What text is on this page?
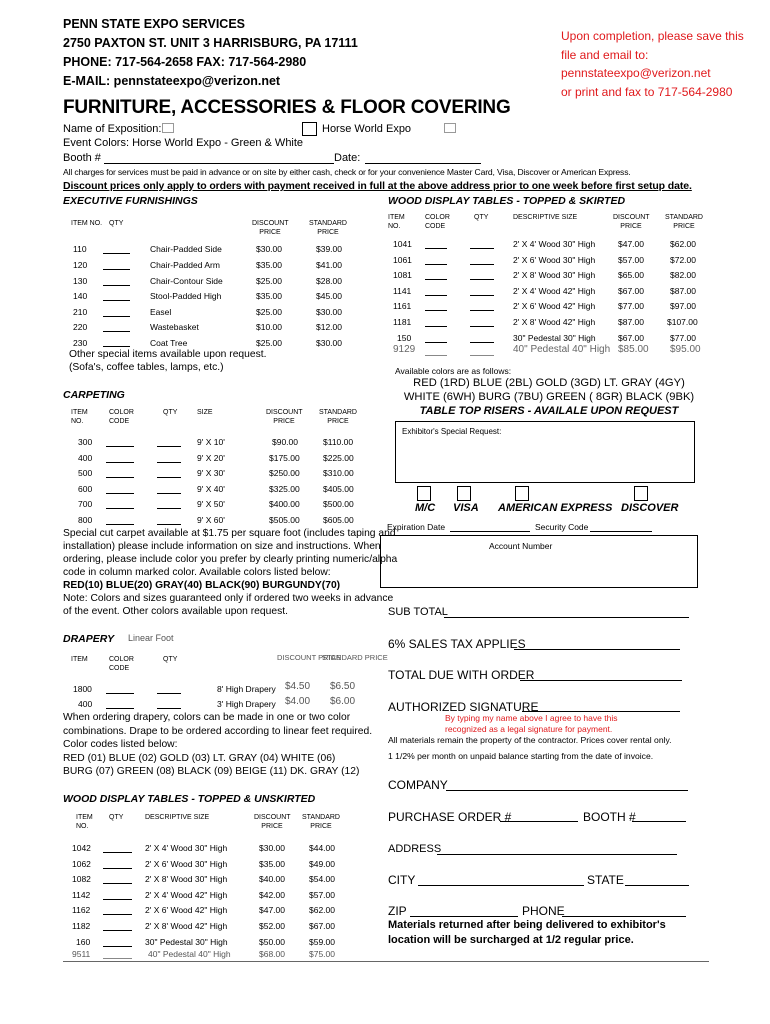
PENN STATE EXPO SERVICES
2750 PAXTON ST. UNIT 3 HARRISBURG, PA 17111
PHONE: 717-564-2658 FAX: 717-564-2980
E-MAIL: pennstateexpo@verizon.net
Upon completion, please save this
file and email to:
pennstateexpo@verizon.net
or print and fax to 717-564-2980
FURNITURE, ACCESSORIES & FLOOR COVERING
Name of Exposition:	Horse World Expo
Event Colors: Horse World Expo - Green & White
Booth #	Date:
All charges for services must be paid in advance or on site by either cash, check or for your convenience Master Card, Visa, Discover or American Express.
Discount prices only apply to orders with payment received in full at the above address prior to one week before first setup date.
EXECUTIVE FURNISHINGS
ITEM NO. QTY	DISCOUNT PRICE
STANDARD PRICE
110	Chair-Padded Side	$30.00	$39.00
120	Chair-Padded Arm	$35.00	$41.00
130	Chair-Contour Side	$25.00	$28.00
140	Stool-Padded High	$35.00	$45.00
210	Easel	$25.00	$30.00
220	Wastebasket	$10.00	$12.00
230	Coat Tree	$25.00	$30.00
Other special items available upon request.
(Sofa's, coffee tables, lamps, etc.)
CARPETING
ITEM NO.
COLOR CODE
QTY	SIZE	DISCOUNT PRICE
STANDARD PRICE
300	9' X 10'	$90.00	$110.00
400	9' X 20'	$175.00	$225.00
500	9' X 30'	$250.00	$310.00
600	9' X 40'	$325.00	$405.00
700	9' X 50'	$400.00	$500.00
800	9' X 60'	$505.00	$605.00
Special cut carpet available at $1.75 per square foot (includes taping and
installation) please include information on size and instructions. When
ordering, please include color you prefer by clearly printing numeric/alpha
code in column marked color. Available colors listed below:
RED(10) BLUE(20) GRAY(40) BLACK(90) BURGUNDY(70)
Note: Colors and sizes guaranteed only if ordered two weeks in advance
of the event. Other colors available upon request.
DRAPERY Linear Foot
ITEM	COLOR CODE
QTY	DISCOUNT PRICE
STANDARD PRICE
1800	8' High Drapery $4.50 $6.50
400	3' High Drapery $4.00 $6.00
When ordering drapery, colors can be made in one or two color
combinations. Drape to be ordered according to linear feet required.
Color codes listed below:
RED (01) BLUE (02) GOLD (03) LT. GRAY (04) WHITE (06)
BURG (07) GREEN (08) BLACK (09) BEIGE (11) DK. GRAY (12)
WOOD DISPLAY TABLES - TOPPED & UNSKIRTED
ITEM NO.
QTY	DESCRIPTIVE SIZE	DISCOUNT PRICE
STANDARD PRICE
1042	2' X 4' Wood 30" High	$30.00	$44.00
1062	2' X 6' Wood 30" High	$35.00	$49.00
1082	2' X 8' Wood 30" High	$40.00	$54.00
1142	2' X 4' Wood 42" High	$42.00	$57.00
1162	2' X 6' Wood 42" High	$47.00	$62.00
1182	2' X 8' Wood 42" High	$52.00	$67.00
160	30" Pedestal 30" High	$50.00	$59.00
9511	40" Pedestal 40" High	$68.00	$75.00
WOOD DISPLAY TABLES - TOPPED & SKIRTED
ITEM NO.
COLOR CODE
QTY	DESCRIPTIVE SIZE	DISCOUNT PRICE
STANDARD PRICE
1041	2' X 4' Wood 30" High	$47.00	$62.00
1061	2' X 6' Wood 30" High	$57.00	$72.00
1081	2' X 8' Wood 30" High	$65.00	$82.00
1141	2' X 4' Wood 42" High	$67.00	$87.00
1161	2' X 6' Wood 42" High	$77.00	$97.00
1181	2' X 8' Wood 42" High	$87.00	$107.00
150	30" Pedestal 30" High	$67.00	$77.00
9129	40" Pedestal 40" High $85.00 $95.00
Available colors are as follows:
RED (1RD) BLUE (2BL) GOLD (3GD) LT. GRAY (4GY)
WHITE (6WH) BURG (7BU) GREEN ( 8GR) BLACK (9BK)
TABLE TOP RISERS - AVAILALE UPON REQUEST
Exhibitor's Special Request:
M/C VISA AMERICAN EXPRESS DISCOVER
Expiration Date	Security Code
Account Number
SUB TOTAL
6% SALES TAX APPLIES
TOTAL DUE WITH ORDER
AUTHORIZED SIGNATURE
By typing my name above I agree to have this
recognized as a legal signature for payment.
All materials remain the property of the contractor. Prices cover rental only.
1 1/2% per month on unpaid balance starting from the date of invoice.
COMPANY
PURCHASE ORDER #	BOOTH #
ADDRESS
CITY	STATE
ZIP	PHONE
Materials returned after being delivered to exhibitor's
location will be surcharged at 1/2 regular price.
